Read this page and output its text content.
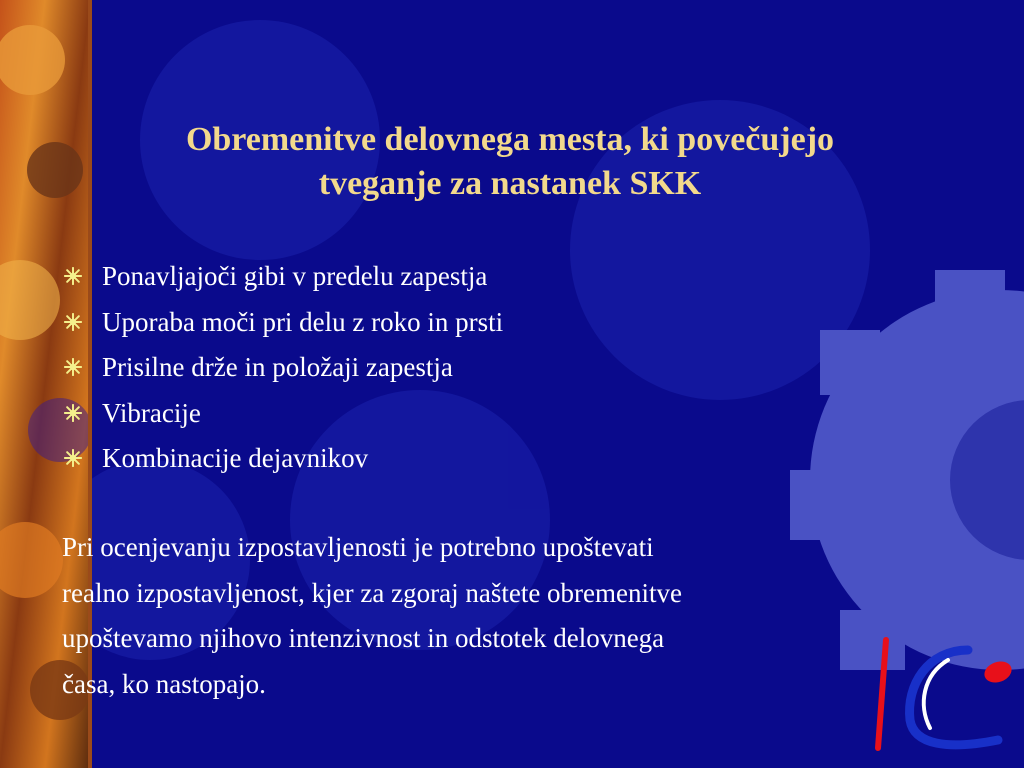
Obremenitve delovnega mesta, ki povečujejo
tveganje za nastanek SKK
Ponavljajoči gibi v predelu zapestja
Uporaba moči pri delu z roko in prsti
Prisilne drže in položaji zapestja
Vibracije
Kombinacije dejavnikov
Pri ocenjevanju izpostavljenosti je potrebno upoštevati
realno izpostavljenost, kjer za zgoraj naštete obremenitve
upoštevamo njihovo intenzivnost in odstotek delovnega
časa, ko nastopajo.
